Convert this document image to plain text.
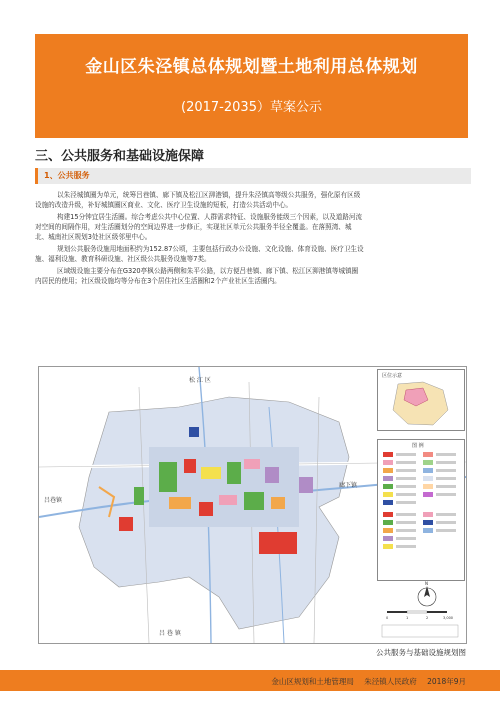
金山区朱泾镇总体规划暨土地利用总体规划
(2017-2035）草案公示
三、公共服务和基础设施保障
1、公共服务
以朱泾城镇圈为单元，统筹吕巷镇、廊下镇及松江区泖港镇，提升朱泾镇高等级公共服务，强化原有区级
设施的改造升级，补好城镇圈区商业、文化、医疗卫生设施的短板，打造公共活动中心。
构建15分钟宜居生活圈。综合考虑公共中心位置、人群需求特征、设施服务能级三个因素，以及道路河流
对空间的间隔作用，对生活圈划分的空间边界进一步修正，实现社区单元公共服务半径全覆盖。在落照湾、城
北、城南社区规划3处社区级邻里中心。
规划公共服务设施用地面积约为152.87公顷，主要包括行政办公设施、文化设施、体育设施、医疗卫生设
施、福利设施、教育科研设施、社区级公共服务设施等7类。
区域级设施主要分布在G320亭枫公路两侧和朱平公路，以方便吕巷镇、廊下镇、松江区泖港镇等城镇圈
内居民的使用；社区级设施均等分布在3个居住社区生活圈和2个产业社区生活圈内。
松 江 区
吕巷镇
廊下镇
吕 巷 镇
区位示意
图 例
N
0	1	2	3,000
公共服务与基础设施规划图
金山区规划和土地管理局 朱泾镇人民政府 2018年9月
